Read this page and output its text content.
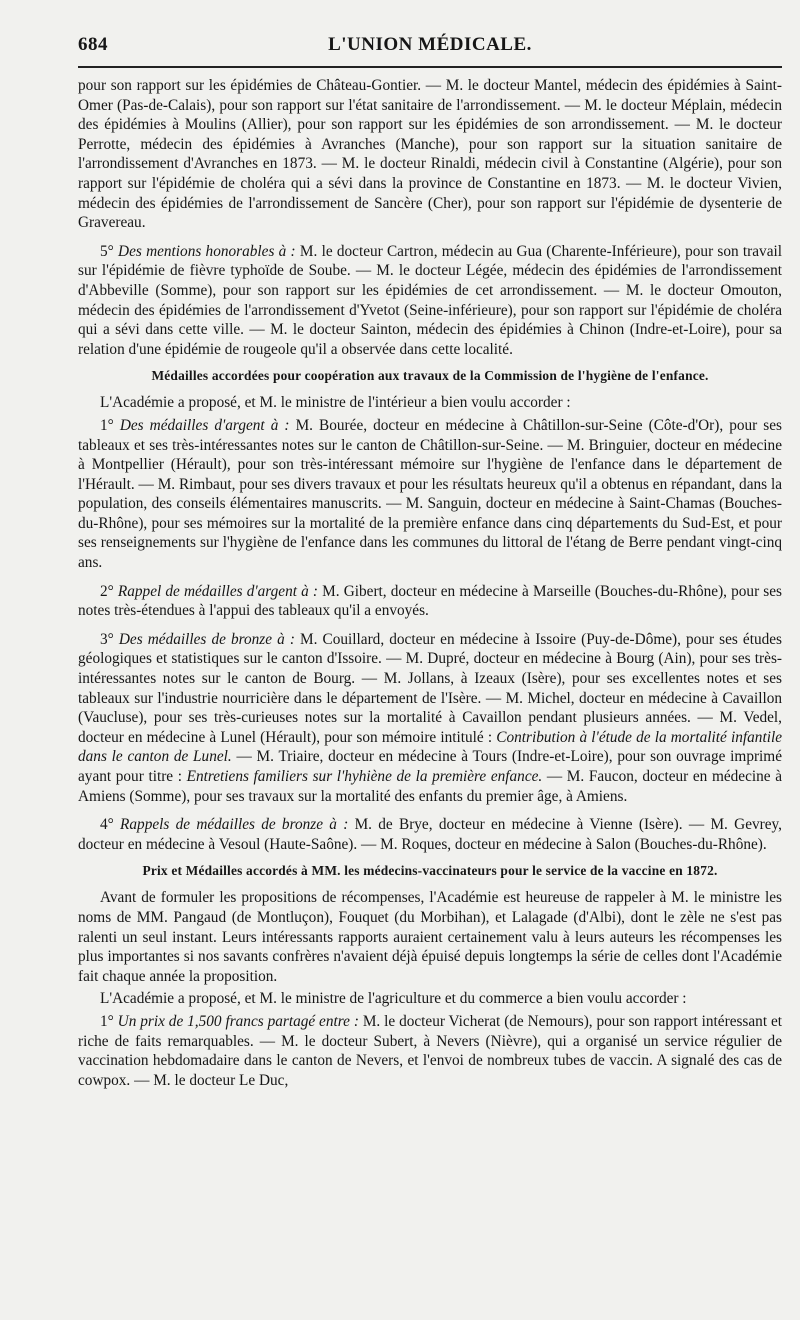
L'UNION MÉDICALE.
684

pour son rapport sur les épidémies de Château-Gontier. — M. le docteur Mantel, médecin des épidémies à Saint-Omer (Pas-de-Calais), pour son rapport sur l'état sanitaire de l'arrondissement. — M. le docteur Méplain, médecin des épidémies à Moulins (Allier), pour son rapport sur les épidémies de son arrondissement. — M. le docteur Perrotte, médecin des épidémies à Avranches (Manche), pour son rapport sur la situation sanitaire de l'arrondissement d'Avranches en 1873. — M. le docteur Rinaldi, médecin civil à Constantine (Algérie), pour son rapport sur l'épidémie de choléra qui a sévi dans la province de Constantine en 1873. — M. le docteur Vivien, médecin des épidémies de l'arrondissement de Sancère (Cher), pour son rapport sur l'épidémie de dysenterie de Gravereau.

5° Des mentions honorables à : M. le docteur Cartron, médecin au Gua (Charente-Inférieure), pour son travail sur l'épidémie de fièvre typhoïde de Soube. — M. le docteur Légée, médecin des épidémies de l'arrondissement d'Abbeville (Somme), pour son rapport sur les épidémies de cet arrondissement. — M. le docteur Omouton, médecin des épidémies de l'arrondissement d'Yvetot (Seine-inférieure), pour son rapport sur l'épidémie de choléra qui a sévi dans cette ville. — M. le docteur Sainton, médecin des épidémies à Chinon (Indre-et-Loire), pour sa relation d'une épidémie de rougeole qu'il a observée dans cette localité.

Médailles accordées pour coopération aux travaux de la Commission de l'hygiène de l'enfance.

L'Académie a proposé, et M. le ministre de l'intérieur a bien voulu accorder :

1° Des médailles d'argent à : M. Bourée, docteur en médecine à Châtillon-sur-Seine (Côte-d'Or), pour ses tableaux et ses très-intéressantes notes sur le canton de Châtillon-sur-Seine. — M. Bringuier, docteur en médecine à Montpellier (Hérault), pour son très-intéressant mémoire sur l'hygiène de l'enfance dans le département de l'Hérault. — M. Rimbaut, pour ses divers travaux et pour les résultats heureux qu'il a obtenus en répandant, dans la population, des conseils élémentaires manuscrits. — M. Sanguin, docteur en médecine à Saint-Chamas (Bouches-du-Rhône), pour ses mémoires sur la mortalité de la première enfance dans cinq départements du Sud-Est, et pour ses renseignements sur l'hygiène de l'enfance dans les communes du littoral de l'étang de Berre pendant vingt-cinq ans.

2° Rappel de médailles d'argent à : M. Gibert, docteur en médecine à Marseille (Bouches-du-Rhône), pour ses notes très-étendues à l'appui des tableaux qu'il a envoyés.

3° Des médailles de bronze à : M. Couillard, docteur en médecine à Issoire (Puy-de-Dôme), pour ses études géologiques et statistiques sur le canton d'Issoire. — M. Dupré, docteur en médecine à Bourg (Ain), pour ses très-intéressantes notes sur le canton de Bourg. — M. Jollans, à Izeaux (Isère), pour ses excellentes notes et ses tableaux sur l'industrie nourricière dans le département de l'Isère. — M. Michel, docteur en médecine à Cavaillon (Vaucluse), pour ses très-curieuses notes sur la mortalité à Cavaillon pendant plusieurs années. — M. Vedel, docteur en médecine à Lunel (Hérault), pour son mémoire intitulé : Contribution à l'étude de la mortalité infantile dans le canton de Lunel. — M. Triaire, docteur en médecine à Tours (Indre-et-Loire), pour son ouvrage imprimé ayant pour titre : Entretiens familiers sur l'hyhiène de la première enfance. — M. Faucon, docteur en médecine à Amiens (Somme), pour ses travaux sur la mortalité des enfants du premier âge, à Amiens.

4° Rappels de médailles de bronze à : M. de Brye, docteur en médecine à Vienne (Isère). — M. Gevrey, docteur en médecine à Vesoul (Haute-Saône). — M. Roques, docteur en médecine à Salon (Bouches-du-Rhône).

Prix et Médailles accordés à MM. les médecins-vaccinateurs pour le service de la vaccine en 1872.

Avant de formuler les propositions de récompenses, l'Académie est heureuse de rappeler à M. le ministre les noms de MM. Pangaud (de Montluçon), Fouquet (du Morbihan), et Lalagade (d'Albi), dont le zèle ne s'est pas ralenti un seul instant. Leurs intéressants rapports auraient certainement valu à leurs auteurs les récompenses les plus importantes si nos savants confrères n'avaient déjà épuisé depuis longtemps la série de celles dont l'Académie fait chaque année la proposition.

L'Académie a proposé, et M. le ministre de l'agriculture et du commerce a bien voulu accorder :

1° Un prix de 1,500 francs partagé entre : M. le docteur Vicherat (de Nemours), pour son rapport intéressant et riche de faits remarquables. — M. le docteur Subert, à Nevers (Nièvre), qui a organisé un service régulier de vaccination hebdomadaire dans le canton de Nevers, et l'envoi de nombreux tubes de vaccin. A signalé des cas de cowpox. — M. le docteur Le Duc,
